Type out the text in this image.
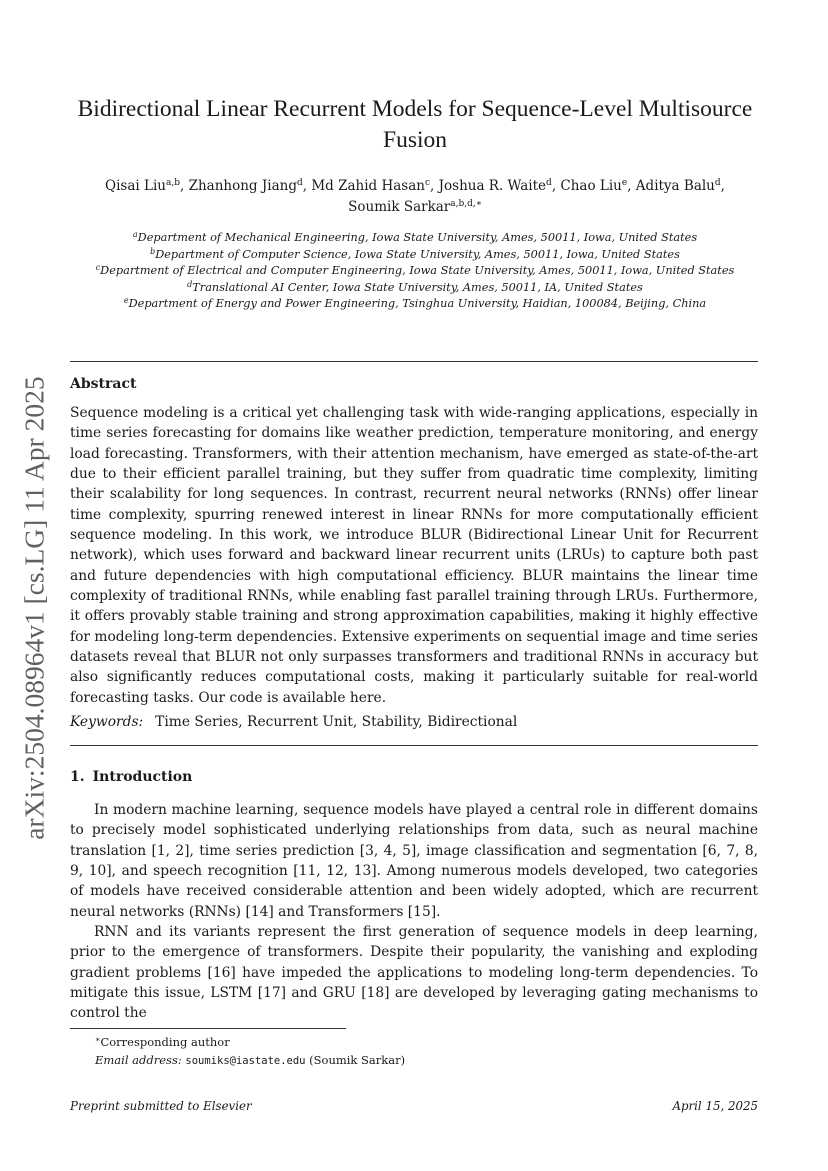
arXiv:2504.08964v1 [cs.LG] 11 Apr 2025
Bidirectional Linear Recurrent Models for Sequence-Level Multisource Fusion
Qisai Liu$^{a,b}$, Zhanhong Jiang$^d$, Md Zahid Hasan$^c$, Joshua R. Waite$^d$, Chao Liu$^e$, Aditya Balu$^d$,
Soumik Sarkar$^{a,b,d,∗}$
$^a$Department of Mechanical Engineering, Iowa State University, Ames, 50011, Iowa, United States
$^b$Department of Computer Science, Iowa State University, Ames, 50011, Iowa, United States
$^c$Department of Electrical and Computer Engineering, Iowa State University, Ames, 50011, Iowa, United States
$^d$Translational AI Center, Iowa State University, Ames, 50011, IA, United States
$^e$Department of Energy and Power Engineering, Tsinghua University, Haidian, 100084, Beijing, China
Abstract
Sequence modeling is a critical yet challenging task with wide-ranging applications, especially in time series forecasting for domains like weather prediction, temperature monitoring, and energy load forecasting. Transformers, with their attention mechanism, have emerged as state-of-the-art due to their efficient parallel training, but they suffer from quadratic time complexity, limiting their scalability for long sequences. In contrast, recurrent neural networks (RNNs) offer linear time complexity, spurring renewed interest in linear RNNs for more computationally efficient sequence modeling. In this work, we introduce BLUR (Bidirectional Linear Unit for Recurrent network), which uses forward and backward linear recurrent units (LRUs) to capture both past and future dependencies with high computational efficiency. BLUR maintains the linear time complexity of traditional RNNs, while enabling fast parallel training through LRUs. Furthermore, it offers provably stable training and strong approximation capabilities, making it highly effective for modeling long-term dependencies. Extensive experiments on sequential image and time series datasets reveal that BLUR not only surpasses transformers and traditional RNNs in accuracy but also significantly reduces computational costs, making it particularly suitable for real-world forecasting tasks. Our code is available here.
Keywords: Time Series, Recurrent Unit, Stability, Bidirectional
1. Introduction

In modern machine learning, sequence models have played a central role in different domains to precisely model sophisticated underlying relationships from data, such as neural machine translation [1, 2], time series prediction [3, 4, 5], image classification and segmentation [6, 7, 8, 9, 10], and speech recognition [11, 12, 13]. Among numerous models developed, two categories of models have received considerable attention and been widely adopted, which are recurrent neural networks (RNNs) [14] and Transformers [15].

RNN and its variants represent the first generation of sequence models in deep learning, prior to the emergence of transformers. Despite their popularity, the vanishing and exploding gradient problems [16] have impeded the applications to modeling long-term dependencies. To mitigate this issue, LSTM [17] and GRU [18] are developed by leveraging gating mechanisms to control the

∗Corresponding author
Email address: soumiks@iastate.edu (Soumik Sarkar)
Preprint submitted to Elsevier	April 15, 2025
